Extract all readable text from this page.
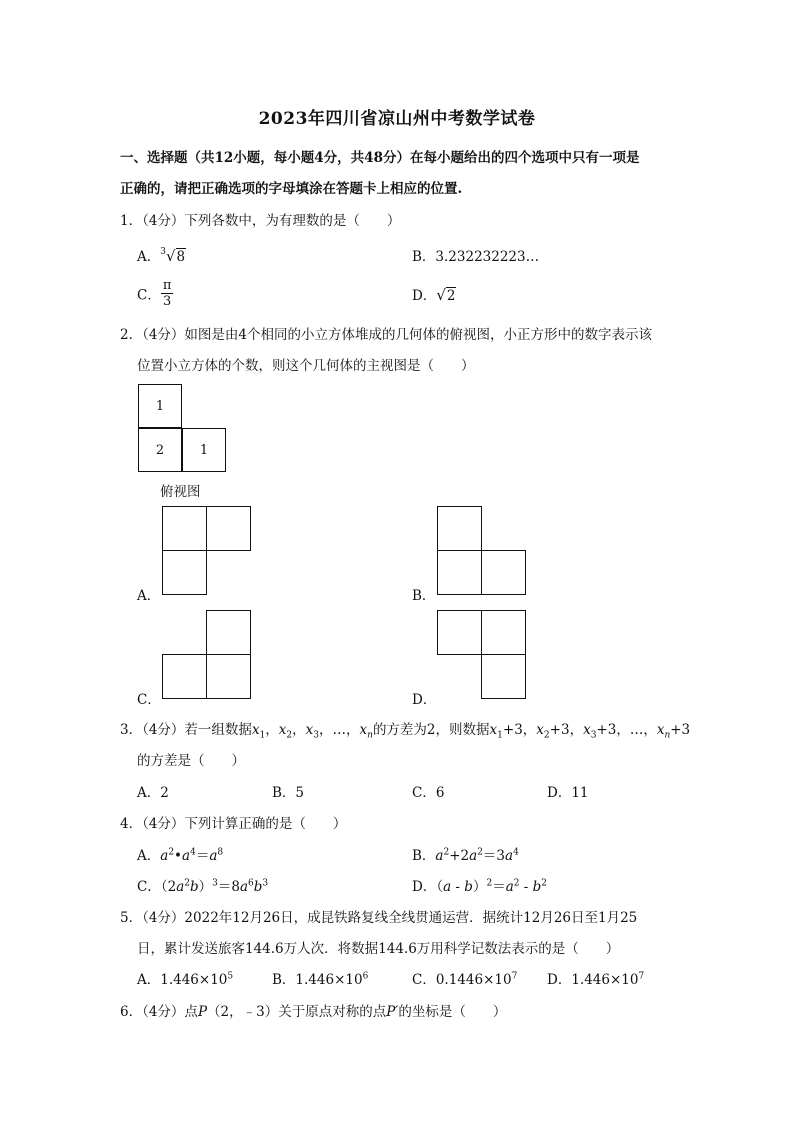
2023年四川省凉山州中考数学试卷
一、选择题（共12小题，每小题4分，共48分）在每小题给出的四个选项中只有一项是
正确的，请把正确选项的字母填涂在答题卡上相应的位置.
1．（4分）下列各数中，为有理数的是（　　）
A．$^3$√8	B．3.232232223…
C． $\frac{\pi}{3}$	D．√2
2．（4分）如图是由4个相同的小立方体堆成的几何体的俯视图，小正方形中的数字表示该
位置小立方体的个数，则这个几何体的主视图是（　　）
1
2	1
俯视图
A．	B．
C．	D．
3．（4分）若一组数据$x_1$，$x_2$，$x_3$，…，$x_n$的方差为2，则数据$x_1+3$，$x_2+3$，$x_3+3$，…，$x_n+3$
的方差是（　　）
A．2	B．5	C．6	D．11
4．（4分）下列计算正确的是（　　）
A．$a^2•a^4=a^8$	B．$a^2+2a^2=3a^4$
C．$(2a^2b)^3=8a^6b^3$	D．$(a - b)^2=a^2 - b^2$
5．（4分）2022年12月26日，成昆铁路复线全线贯通运营．据统计12月26日至1月25
日，累计发送旅客144.6万人次．将数据144.6万用科学记数法表示的是（　　）
A．$1.446\times 10^5$	B．$1.446\times 10^6$	C．$0.1446\times 10^7$ D．$1.446\times 10^7$
6．（4分）点P（2，﹣3）关于原点对称的点P′的坐标是（　　）
